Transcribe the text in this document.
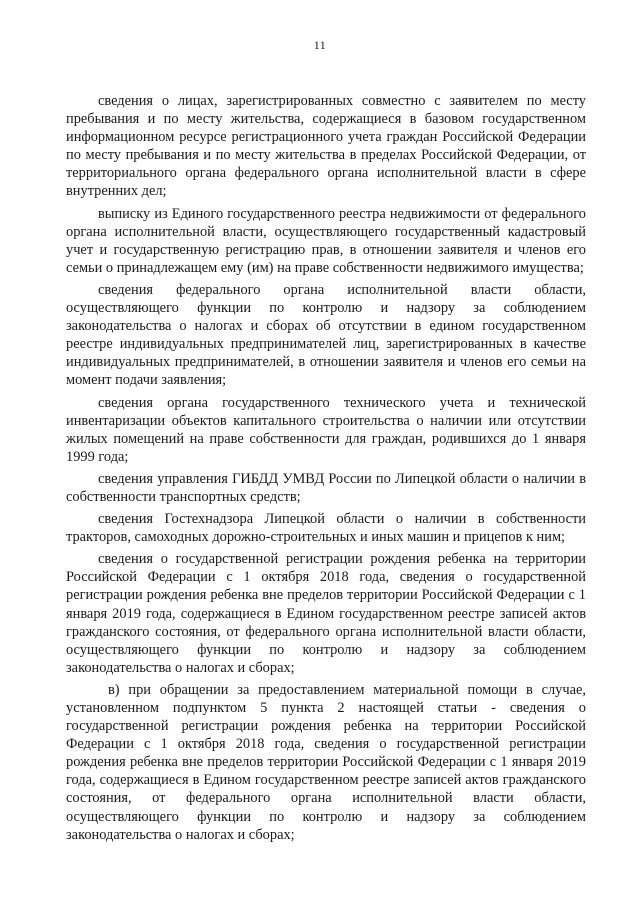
11

сведения о лицах, зарегистрированных совместно с заявителем по месту пребывания и по месту жительства, содержащиеся в базовом государственном информационном ресурсе регистрационного учета граждан Российской Федерации по месту пребывания и по месту жительства в пределах Российской Федерации, от территориального органа федерального органа исполнительной власти в сфере внутренних дел;

выписку из Единого государственного реестра недвижимости от федерального органа исполнительной власти, осуществляющего государственный кадастровый учет и государственную регистрацию прав, в отношении заявителя и членов его семьи о принадлежащем ему (им) на праве собственности недвижимого имущества;

сведения федерального органа исполнительной власти области, осуществляющего функции по контролю и надзору за соблюдением законодательства о налогах и сборах об отсутствии в едином государственном реестре индивидуальных предпринимателей лиц, зарегистрированных в качестве индивидуальных предпринимателей, в отношении заявителя и членов его семьи на момент подачи заявления;

сведения органа государственного технического учета и технической инвентаризации объектов капитального строительства о наличии или отсутствии жилых помещений на праве собственности для граждан, родившихся до 1 января 1999 года;

сведения управления ГИБДД УМВД России по Липецкой области о наличии в собственности транспортных средств;

сведения Гостехнадзора Липецкой области о наличии в собственности тракторов, самоходных дорожно-строительных и иных машин и прицепов к ним;

сведения о государственной регистрации рождения ребенка на территории Российской Федерации с 1 октября 2018 года, сведения о государственной регистрации рождения ребенка вне пределов территории Российской Федерации с 1 января 2019 года, содержащиеся в Едином государственном реестре записей актов гражданского состояния, от федерального органа исполнительной власти области, осуществляющего функции по контролю и надзору за соблюдением законодательства о налогах и сборах;

в) при обращении за предоставлением материальной помощи в случае, установленном подпунктом 5 пункта 2 настоящей статьи - сведения о государственной регистрации рождения ребенка на территории Российской Федерации с 1 октября 2018 года, сведения о государственной регистрации рождения ребенка вне пределов территории Российской Федерации с 1 января 2019 года, содержащиеся в Едином государственном реестре записей актов гражданского состояния, от федерального органа исполнительной власти области, осуществляющего функции по контролю и надзору за соблюдением законодательства о налогах и сборах;
